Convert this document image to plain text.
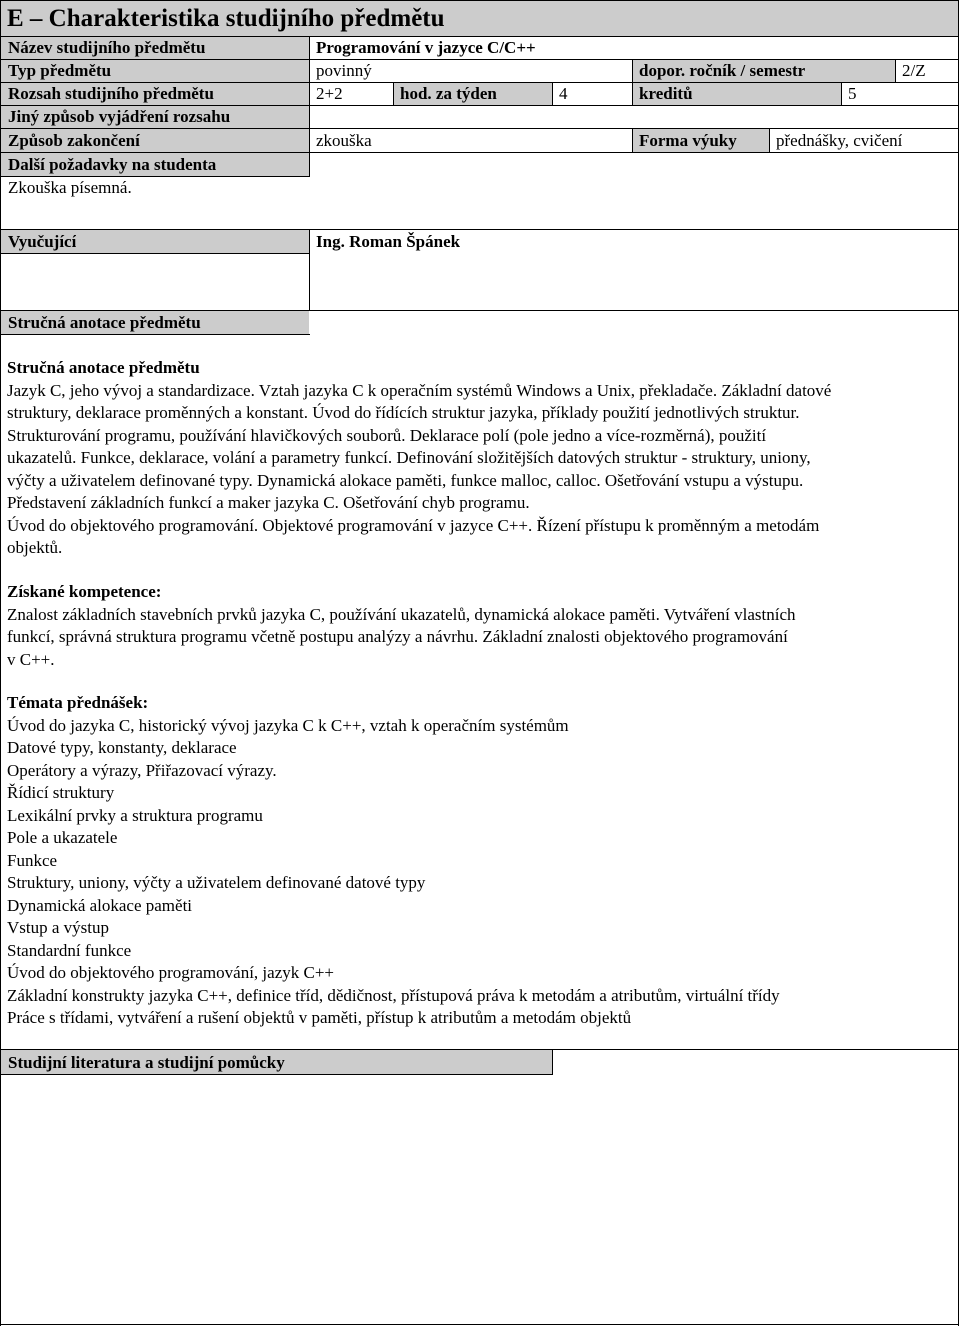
E – Charakteristika studijního předmětu
Název studijního předmětu	Programování v jazyce C/C++
Typ předmětu	povinný	dopor. ročník / semestr	2/Z
Rozsah studijního předmětu	2+2	hod. za týden	4	kreditů	5
Jiný způsob vyjádření rozsahu
Způsob zakončení	zkouška	Forma výuky	přednášky, cvičení
Další požadavky na studenta
Zkouška písemná.
Vyučující	Ing. Roman Špánek
Stručná anotace předmětu
Stručná anotace předmětu
Jazyk C, jeho vývoj a standardizace. Vztah jazyka C k operačním systémů Windows a Unix, překladače. Základní datové
struktury, deklarace proměnných a konstant. Úvod do řídících struktur jazyka, příklady použití jednotlivých struktur.
Strukturování programu, používání hlavičkových souborů. Deklarace polí (pole jedno a více-rozměrná), použití
ukazatelů. Funkce, deklarace, volání a parametry funkcí. Definování složitějších datových struktur - struktury, uniony,
výčty a uživatelem definované typy. Dynamická alokace paměti, funkce malloc, calloc. Ošetřování vstupu a výstupu.
Představení základních funkcí a maker jazyka C. Ošetřování chyb programu.
Úvod do objektového programování. Objektové programování v jazyce C++. Řízení přístupu k proměnným a metodám
objektů.
Získané kompetence:
Znalost základních stavebních prvků jazyka C, používání ukazatelů, dynamická alokace paměti. Vytváření vlastních
funkcí, správná struktura programu včetně postupu analýzy a návrhu. Základní znalosti objektového programování
v C++.
Témata přednášek:
Úvod do jazyka C, historický vývoj jazyka C k C++, vztah k operačním systémům
Datové typy, konstanty, deklarace
Operátory a výrazy, Přiřazovací výrazy.
Řídicí struktury
Lexikální prvky a struktura programu
Pole a ukazatele
Funkce
Struktury, uniony, výčty a uživatelem definované datové typy
Dynamická alokace paměti
Vstup a výstup
Standardní funkce
Úvod do objektového programování, jazyk C++
Základní konstrukty jazyka C++, definice tříd, dědičnost, přístupová práva k metodám a atributům, virtuální třídy
Práce s třídami, vytváření a rušení objektů v paměti, přístup k atributům a metodám objektů
Studijní literatura a studijní pomůcky
